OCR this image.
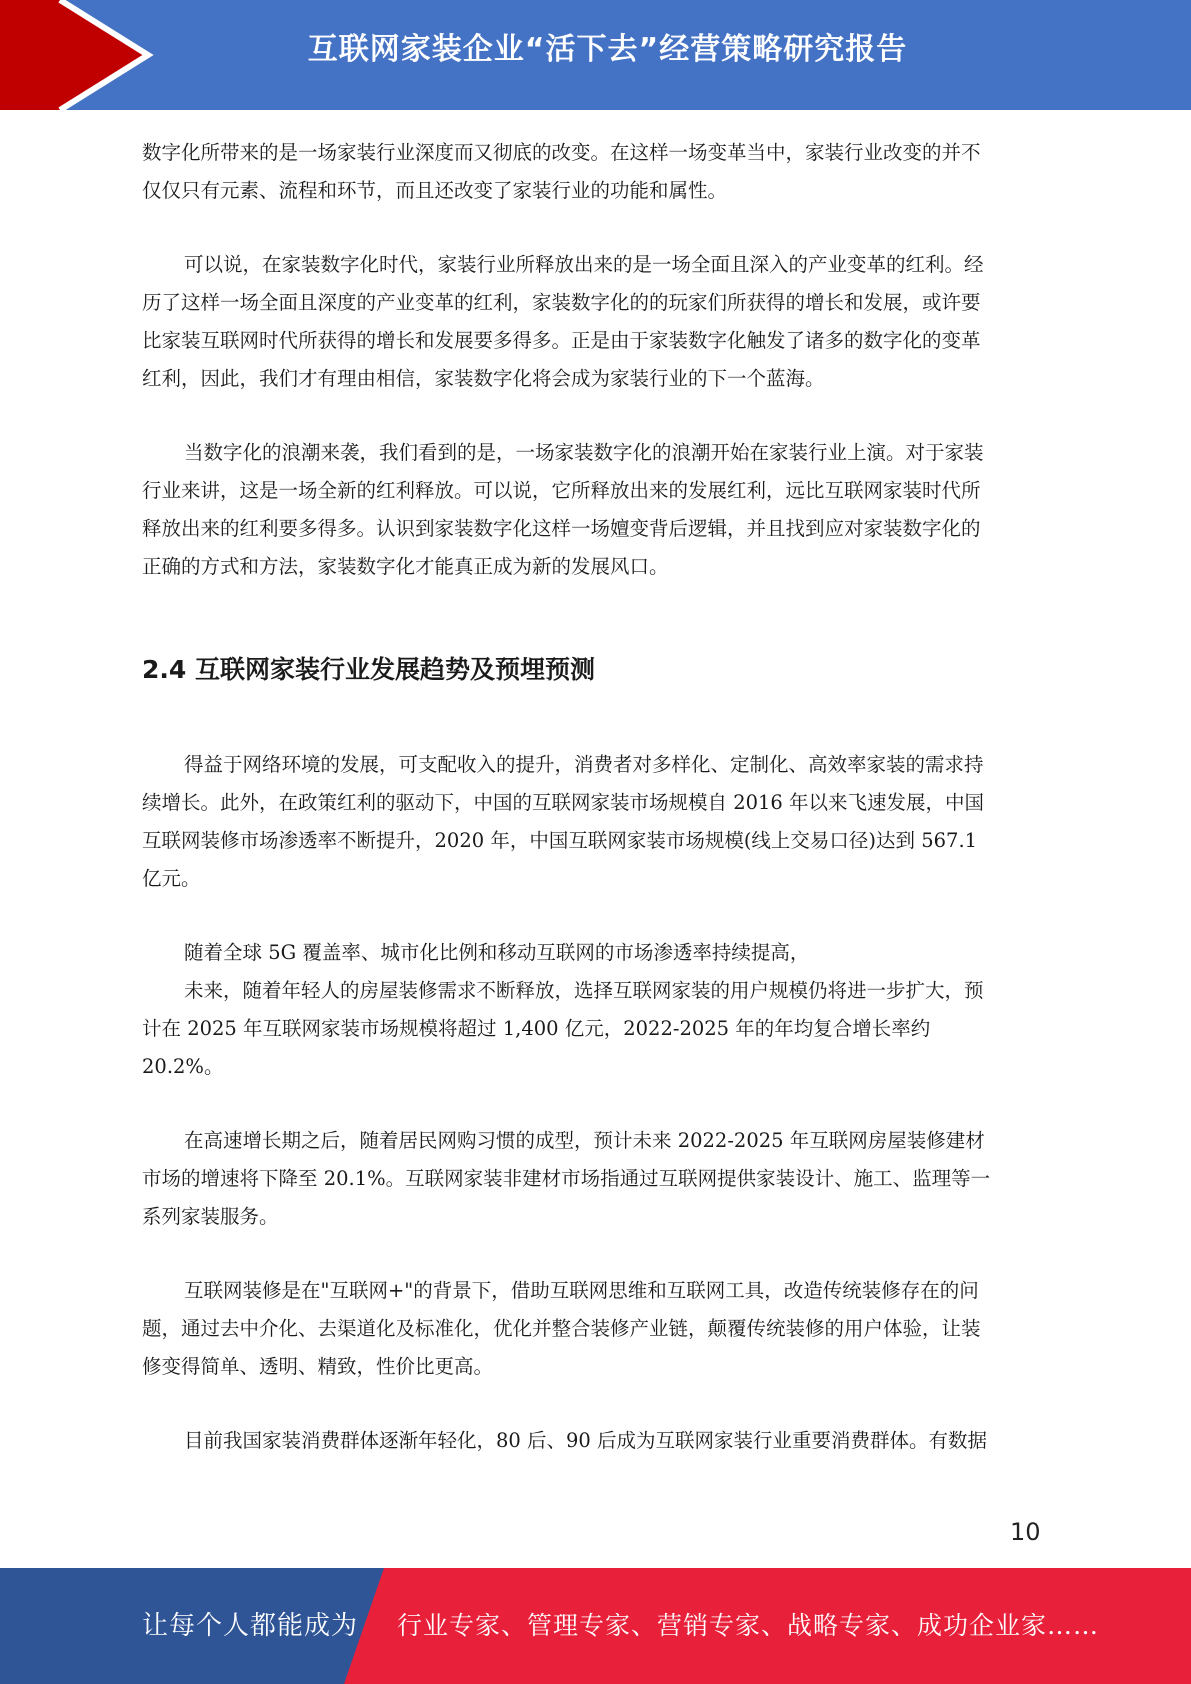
互联网家装企业“活下去”经营策略研究报告
数字化所带来的是一场家装行业深度而又彻底的改变。在这样一场变革当中，家装行业改变的并不
仅仅只有元素、流程和环节，而且还改变了家装行业的功能和属性。
可以说，在家装数字化时代，家装行业所释放出来的是一场全面且深入的产业变革的红利。经
历了这样一场全面且深度的产业变革的红利，家装数字化的的玩家们所获得的增长和发展，或许要
比家装互联网时代所获得的增长和发展要多得多。正是由于家装数字化触发了诸多的数字化的变革
红利，因此，我们才有理由相信，家装数字化将会成为家装行业的下一个蓝海。
当数字化的浪潮来袭，我们看到的是，一场家装数字化的浪潮开始在家装行业上演。对于家装
行业来讲，这是一场全新的红利释放。可以说，它所释放出来的发展红利，远比互联网家装时代所
释放出来的红利要多得多。认识到家装数字化这样一场嬗变背后逻辑，并且找到应对家装数字化的
正确的方式和方法，家装数字化才能真正成为新的发展风口。
2.4 互联网家装行业发展趋势及预埋预测
得益于网络环境的发展，可支配收入的提升，消费者对多样化、定制化、高效率家装的需求持
续增长。此外，在政策红利的驱动下，中国的互联网家装市场规模自 2016 年以来飞速发展，中国
互联网装修市场渗透率不断提升，2020 年，中国互联网家装市场规模(线上交易口径)达到 567.1
亿元。
随着全球 5G 覆盖率、城市化比例和移动互联网的市场渗透率持续提高，
未来，随着年轻人的房屋装修需求不断释放，选择互联网家装的用户规模仍将进一步扩大，预
计在 2025 年互联网家装市场规模将超过 1,400 亿元，2022-2025 年的年均复合增长率约
20.2%。
在高速增长期之后，随着居民网购习惯的成型，预计未来 2022-2025 年互联网房屋装修建材
市场的增速将下降至 20.1%。互联网家装非建材市场指通过互联网提供家装设计、施工、监理等一
系列家装服务。
互联网装修是在"互联网+"的背景下，借助互联网思维和互联网工具，改造传统装修存在的问
题，通过去中介化、去渠道化及标准化，优化并整合装修产业链，颠覆传统装修的用户体验，让装
修变得简单、透明、精致，性价比更高。
目前我国家装消费群体逐渐年轻化，80 后、90 后成为互联网家装行业重要消费群体。有数据
10
让每个人都能成为 行业专家、管理专家、营销专家、战略专家、成功企业家……
